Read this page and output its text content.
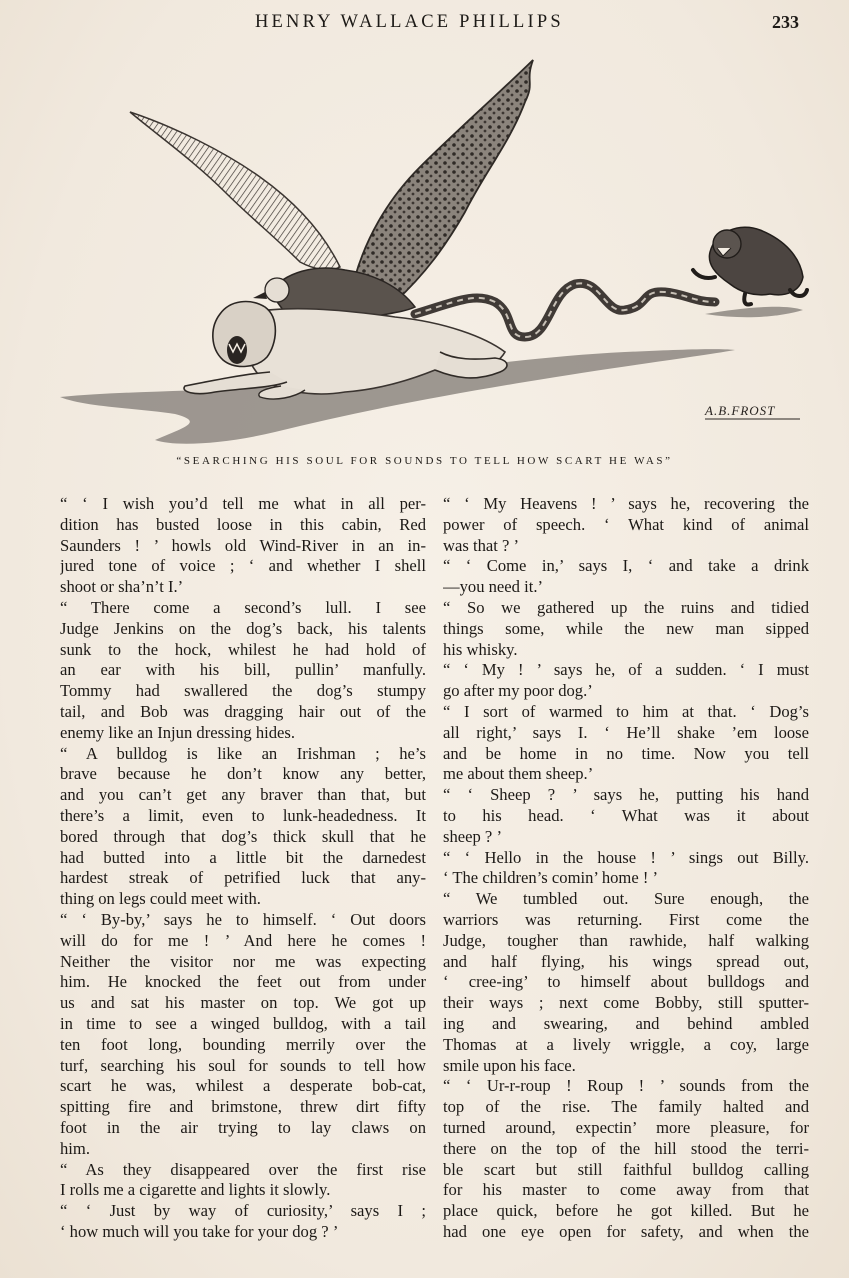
HENRY WALLACE PHILLIPS	233
A.B.FROST
“SEARCHING HIS SOUL FOR SOUNDS TO TELL HOW SCART HE WAS”
“ ‘ I wish you’d tell me what in all per-
dition has busted loose in this cabin, Red
Saunders ! ’ howls old Wind-River in an in-
jured tone of voice ; ‘ and whether I shell
shoot or sha’n’t I.’
“ There come a second’s lull. I see
Judge Jenkins on the dog’s back, his talents
sunk to the hock, whilest he had hold of
an ear with his bill, pullin’ manfully.
Tommy had swallered the dog’s stumpy
tail, and Bob was dragging hair out of the
enemy like an Injun dressing hides.
“ A bulldog is like an Irishman ; he’s
brave because he don’t know any better,
and you can’t get any braver than that, but
there’s a limit, even to lunk-headedness. It
bored through that dog’s thick skull that he
had butted into a little bit the darnedest
hardest streak of petrified luck that any-
thing on legs could meet with.
“ ‘ By-by,’ says he to himself. ‘ Out doors
will do for me ! ’ And here he comes !
Neither the visitor nor me was expecting
him. He knocked the feet out from under
us and sat his master on top. We got up
in time to see a winged bulldog, with a tail
ten foot long, bounding merrily over the
turf, searching his soul for sounds to tell how
scart he was, whilest a desperate bob-cat,
spitting fire and brimstone, threw dirt fifty
foot in the air trying to lay claws on
him.
“ As they disappeared over the first rise
I rolls me a cigarette and lights it slowly.
“ ‘ Just by way of curiosity,’ says I ;
‘ how much will you take for your dog ? ’
“ ‘ My Heavens ! ’ says he, recovering the
power of speech. ‘ What kind of animal
was that ? ’
“ ‘ Come in,’ says I, ‘ and take a drink
—you need it.’
“ So we gathered up the ruins and tidied
things some, while the new man sipped
his whisky.
“ ‘ My ! ’ says he, of a sudden. ‘ I must
go after my poor dog.’
“ I sort of warmed to him at that. ‘ Dog’s
all right,’ says I. ‘ He’ll shake ’em loose
and be home in no time. Now you tell
me about them sheep.’
“ ‘ Sheep ? ’ says he, putting his hand
to his head. ‘ What was it about
sheep ? ’
“ ‘ Hello in the house ! ’ sings out Billy.
‘ The children’s comin’ home ! ’
“ We tumbled out. Sure enough, the
warriors was returning. First come the
Judge, tougher than rawhide, half walking
and half flying, his wings spread out,
‘ cree-ing’ to himself about bulldogs and
their ways ; next come Bobby, still sputter-
ing and swearing, and behind ambled
Thomas at a lively wriggle, a coy, large
smile upon his face.
“ ‘ Ur-r-roup ! Roup ! ’ sounds from the
top of the rise. The family halted and
turned around, expectin’ more pleasure, for
there on the top of the hill stood the terri-
ble scart but still faithful bulldog calling
for his master to come away from that
place quick, before he got killed. But he
had one eye open for safety, and when the
